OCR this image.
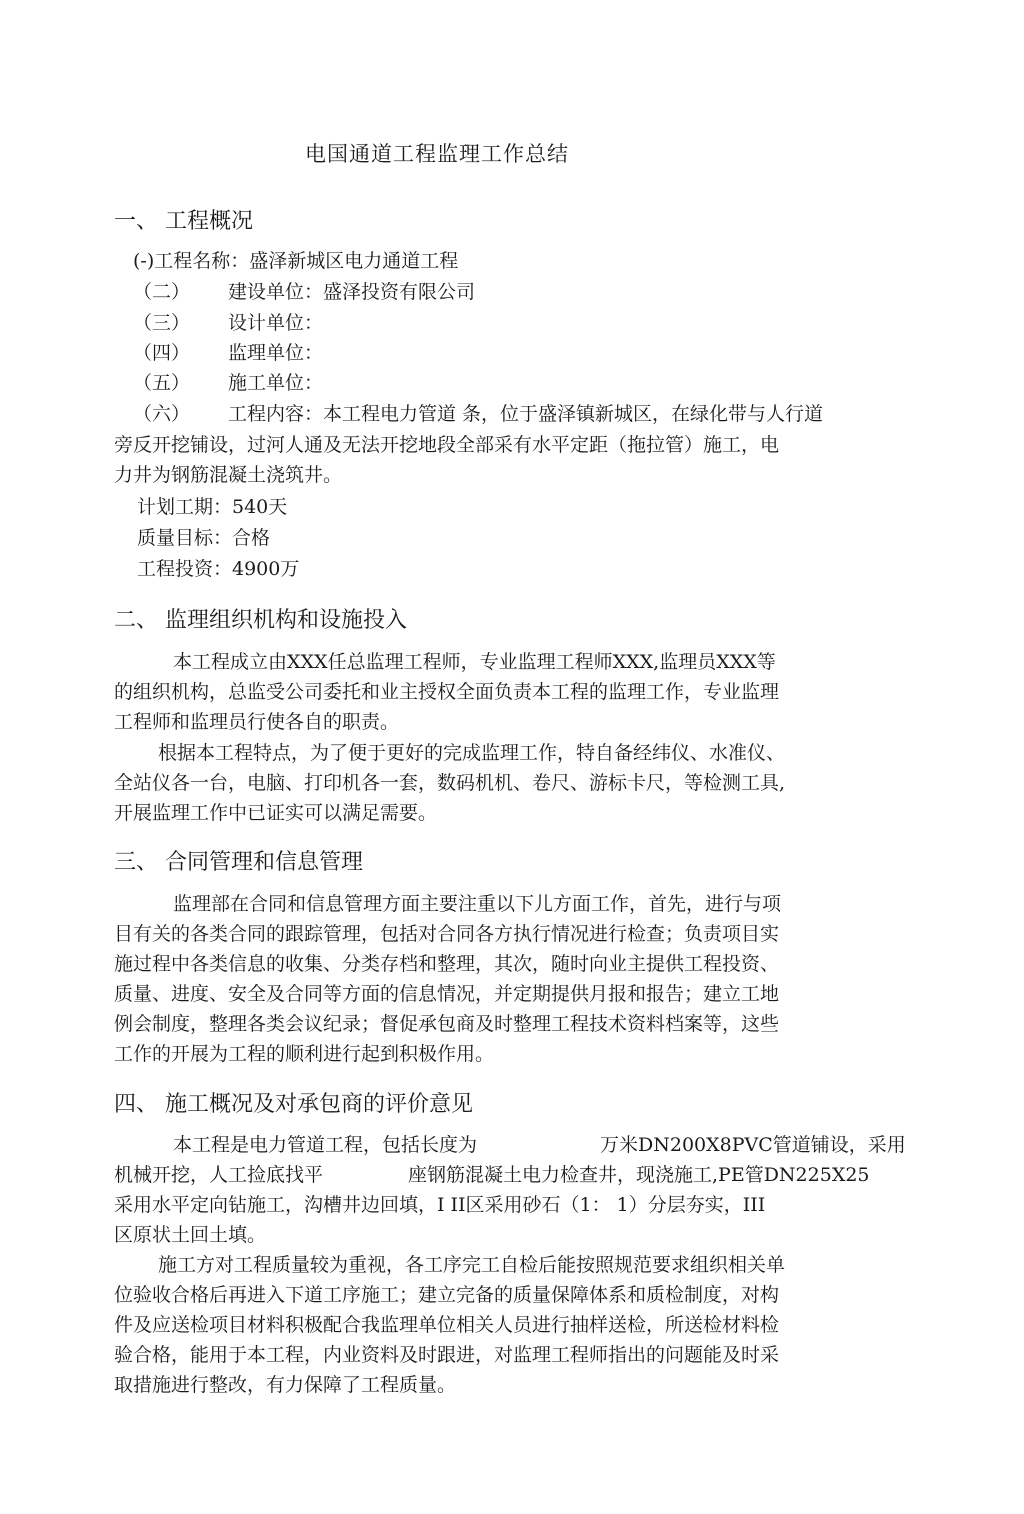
电国通道工程监理工作总结
一、 工程概况
(-)工程名称：盛泽新城区电力通道工程
（二） 建设单位：盛泽投资有限公司
（三） 设计单位：
（四） 监理单位：
（五） 施工单位：
（六） 工程内容：本工程电力管道 条，位于盛泽镇新城区，在绿化带与人行道
旁反开挖铺设，过河人通及无法开挖地段全部采有水平定距（拖拉管）施工，电
力井为钢筋混凝土浇筑井。
计划工期：540天
质量目标：合格
工程投资：4900万
二、 监理组织机构和设施投入
本工程成立由XXX任总监理工程师，专业监理工程师XXX,监理员XXX等
的组织机构，总监受公司委托和业主授权全面负责本工程的监理工作，专业监理
工程师和监理员行使各自的职责。
根据本工程特点，为了便于更好的完成监理工作，特自备经纬仪、水准仪、
全站仪各一台，电脑、打印机各一套，数码机机、卷尺、游标卡尺，等检测工具,
开展监理工作中已证实可以满足需要。
三、 合同管理和信息管理
监理部在合同和信息管理方面主要注重以下儿方面工作，首先，进行与项
目有关的各类合同的跟踪管理，包括对合同各方执行情况进行检查；负责项目实
施过程中各类信息的收集、分类存档和整理，其次，随时向业主提供工程投资、
质量、进度、安全及合同等方面的信息情况，并定期提供月报和报告；建立工地
例会制度，整理各类会议纪录；督促承包商及时整理工程技术资料档案等，这些
工作的开展为工程的顺利进行起到积极作用。
四、 施工概况及对承包商的评价意见
本工程是电力管道工程，包括长度为	万米DN200X8PVC管道铺设，采用
机械开挖，人工捡底找平	座钢筋混凝土电力检查井，现浇施工,PE管DN225X25
采用水平定向钻施工，沟槽井边回填，I II区采用砂石（1： 1）分层夯实，III
区原状土回土填。
施工方对工程质量较为重视，各工序完工自检后能按照规范要求组织相关单
位验收合格后再进入下道工序施工；建立完备的质量保障体系和质检制度，对构
件及应送检项目材料积极配合我监理单位相关人员进行抽样送检，所送检材料检
验合格，能用于本工程，内业资料及时跟进，对监理工程师指出的问题能及时采
取措施进行整改，有力保障了工程质量。
